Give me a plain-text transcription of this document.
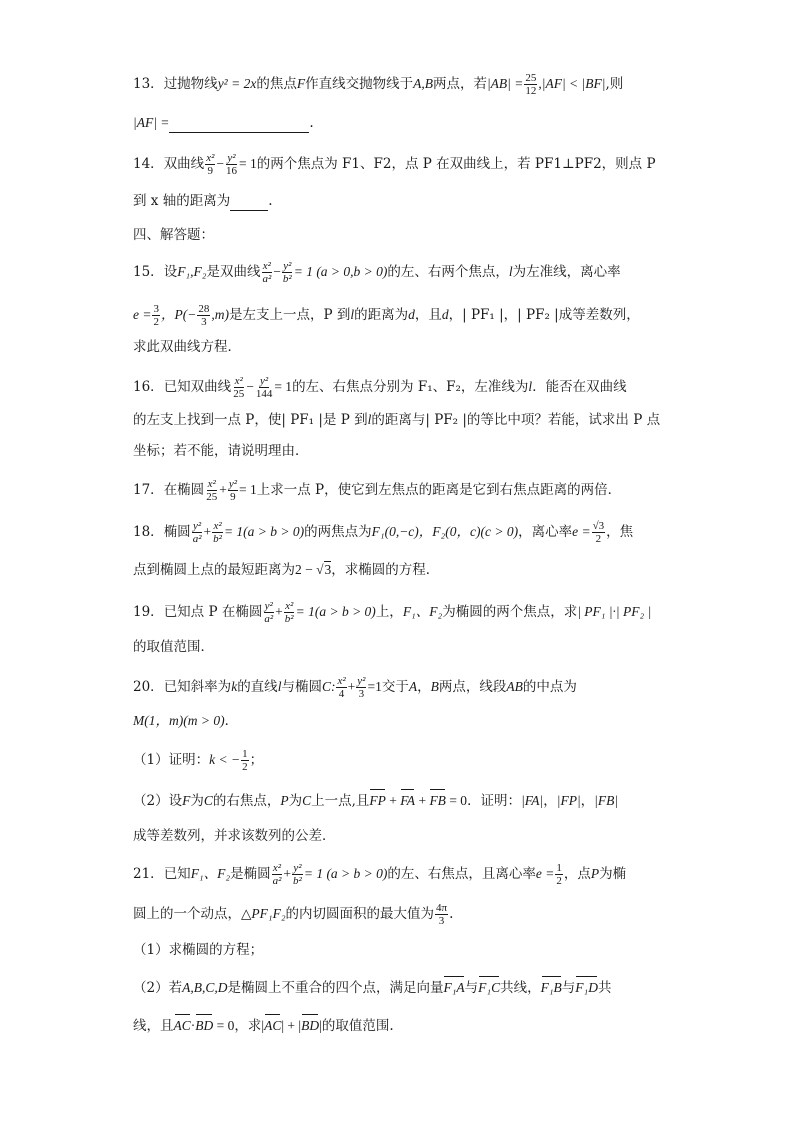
13．过抛物线y² = 2x的焦点F作直线交抛物线于A,B两点，若$|AB| = \frac{25}{12} ,|AF| < |BF|$,则
|AF| =	.
14．双曲线 $\frac{\text{x²}}{9} - \frac{\text{y²}}{16} = 1$的两个焦点为 F1、F2，点 P 在双曲线上，若 PF1⊥PF2，则点 P
到 x 轴的距离为	.
四、解答题：
15．设F₁,F₂是双曲线 $\frac{\text{x²}}{\text{a²}} - \frac{\text{y²}}{\text{b²}} = 1$ (a > 0,b > 0)的左、右两个焦点，l为左准线，离心率
$e = \frac{3}{2}$ ，$P(- \frac{28}{3} ,m)$是左支上一点，P 到l的距离为d，且d，| PF₁ |，| PF₂ |成等差数列，
求此双曲线方程．
16．已知双曲线 $\frac{\text{x²}}{25} - \frac{\text{y²}}{144} = 1$的左、右焦点分别为 F₁、F₂，左准线为l．能否在双曲线
的左支上找到一点 P，使| PF₁ |是 P 到l的距离与| PF₂ |的等比中项？若能，试求出 P 点
坐标；若不能，请说明理由．
17．在椭圆 $\frac{\text{x²}}{25} + \frac{\text{y²}}{9} = 1$上求一点 P，使它到左焦点的距离是它到右焦点距离的两倍．
18．椭圆 $\frac{\text{y²}}{\text{a²}} + \frac{\text{x²}}{\text{b²}} = 1(a > b > 0)$的两焦点为F₁(0,−c)，F₂(0，c)(c > 0)，离心率$e = \frac{√3}{2}$ ，焦
点到椭圆上点的最短距离为2 − √3，求椭圆的方程．
19．已知点 P 在椭圆 $\frac{\text{y²}}{\text{a²}} + \frac{\text{x²}}{\text{b²}} = 1(a > b > 0)$上，F₁、F₂为椭圆的两个焦点，求| PF₁ |·| PF₂ |
的取值范围．
20．已知斜率为k的直线l与椭圆C: $\frac{\text{x²}}{4} + \frac{\text{y²}}{3} =1$交于A，B两点，线段AB的中点为
M(1，m)(m > 0)．
（1）证明：k < − $\frac{1}{2}$ ；
（2）设F为C的右焦点，P为C上一点,且FP + FA + FB = 0．证明：|FA|，|FP|，|FB|
成等差数列，并求该数列的公差．
21．已知F₁、F₂是椭圆 $\frac{\text{x²}}{\text{a²}} + \frac{\text{y²}}{\text{b²}} = 1$ (a > b > 0)的左、右焦点，且离心率$e = \frac{1}{2}$ ，点P为椭
圆上的一个动点，△PF₁F₂的内切圆面积的最大值为 $\frac{4\pi}{3}$ .
（1）求椭圆的方程；
（2）若A,B,C,D是椭圆上不重合的四个点，满足向量F₁A与F₁C共线，F₁B与F₁D共
线，且AC·BD = 0，求|AC| + |BD|的取值范围.
